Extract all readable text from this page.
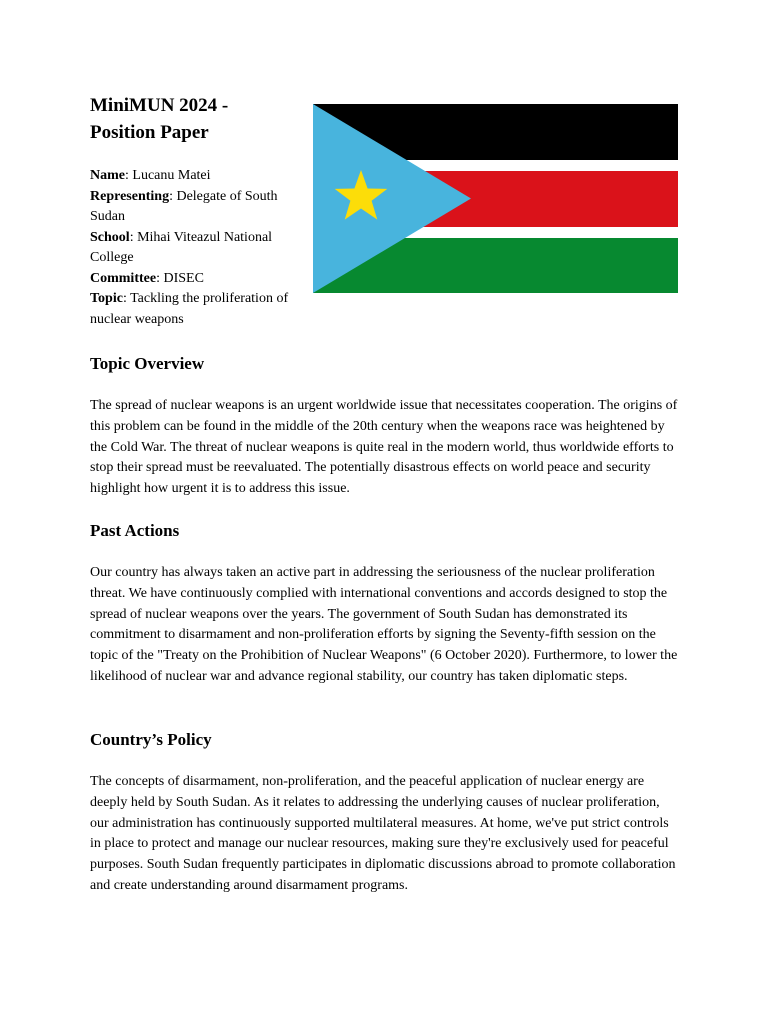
MiniMUN 2024 -
Position Paper
Name: Lucanu Matei
Representing: Delegate of South Sudan
School: Mihai Viteazul National College
Committee: DISEC
Topic: Tackling the proliferation of nuclear weapons
Topic Overview

The spread of nuclear weapons is an urgent worldwide issue that necessitates cooperation. The origins of this problem can be found in the middle of the 20th century when the weapons race was heightened by the Cold War. The threat of nuclear weapons is quite real in the modern world, thus worldwide efforts to stop their spread must be reevaluated. The potentially disastrous effects on world peace and security highlight how urgent it is to address this issue.

Past Actions

Our country has always taken an active part in addressing the seriousness of the nuclear proliferation threat. We have continuously complied with international conventions and accords designed to stop the spread of nuclear weapons over the years. The government of South Sudan has demonstrated its commitment to disarmament and non-proliferation efforts by signing the Seventy-fifth session on the topic of the "Treaty on the Prohibition of Nuclear Weapons" (6 October 2020). Furthermore, to lower the likelihood of nuclear war and advance regional stability, our country has taken diplomatic steps.

Country’s Policy

The concepts of disarmament, non-proliferation, and the peaceful application of nuclear energy are deeply held by South Sudan. As it relates to addressing the underlying causes of nuclear proliferation, our administration has continuously supported multilateral measures. At home, we've put strict controls in place to protect and manage our nuclear resources, making sure they're exclusively used for peaceful purposes. South Sudan frequently participates in diplomatic discussions abroad to promote collaboration and create understanding around disarmament programs.
